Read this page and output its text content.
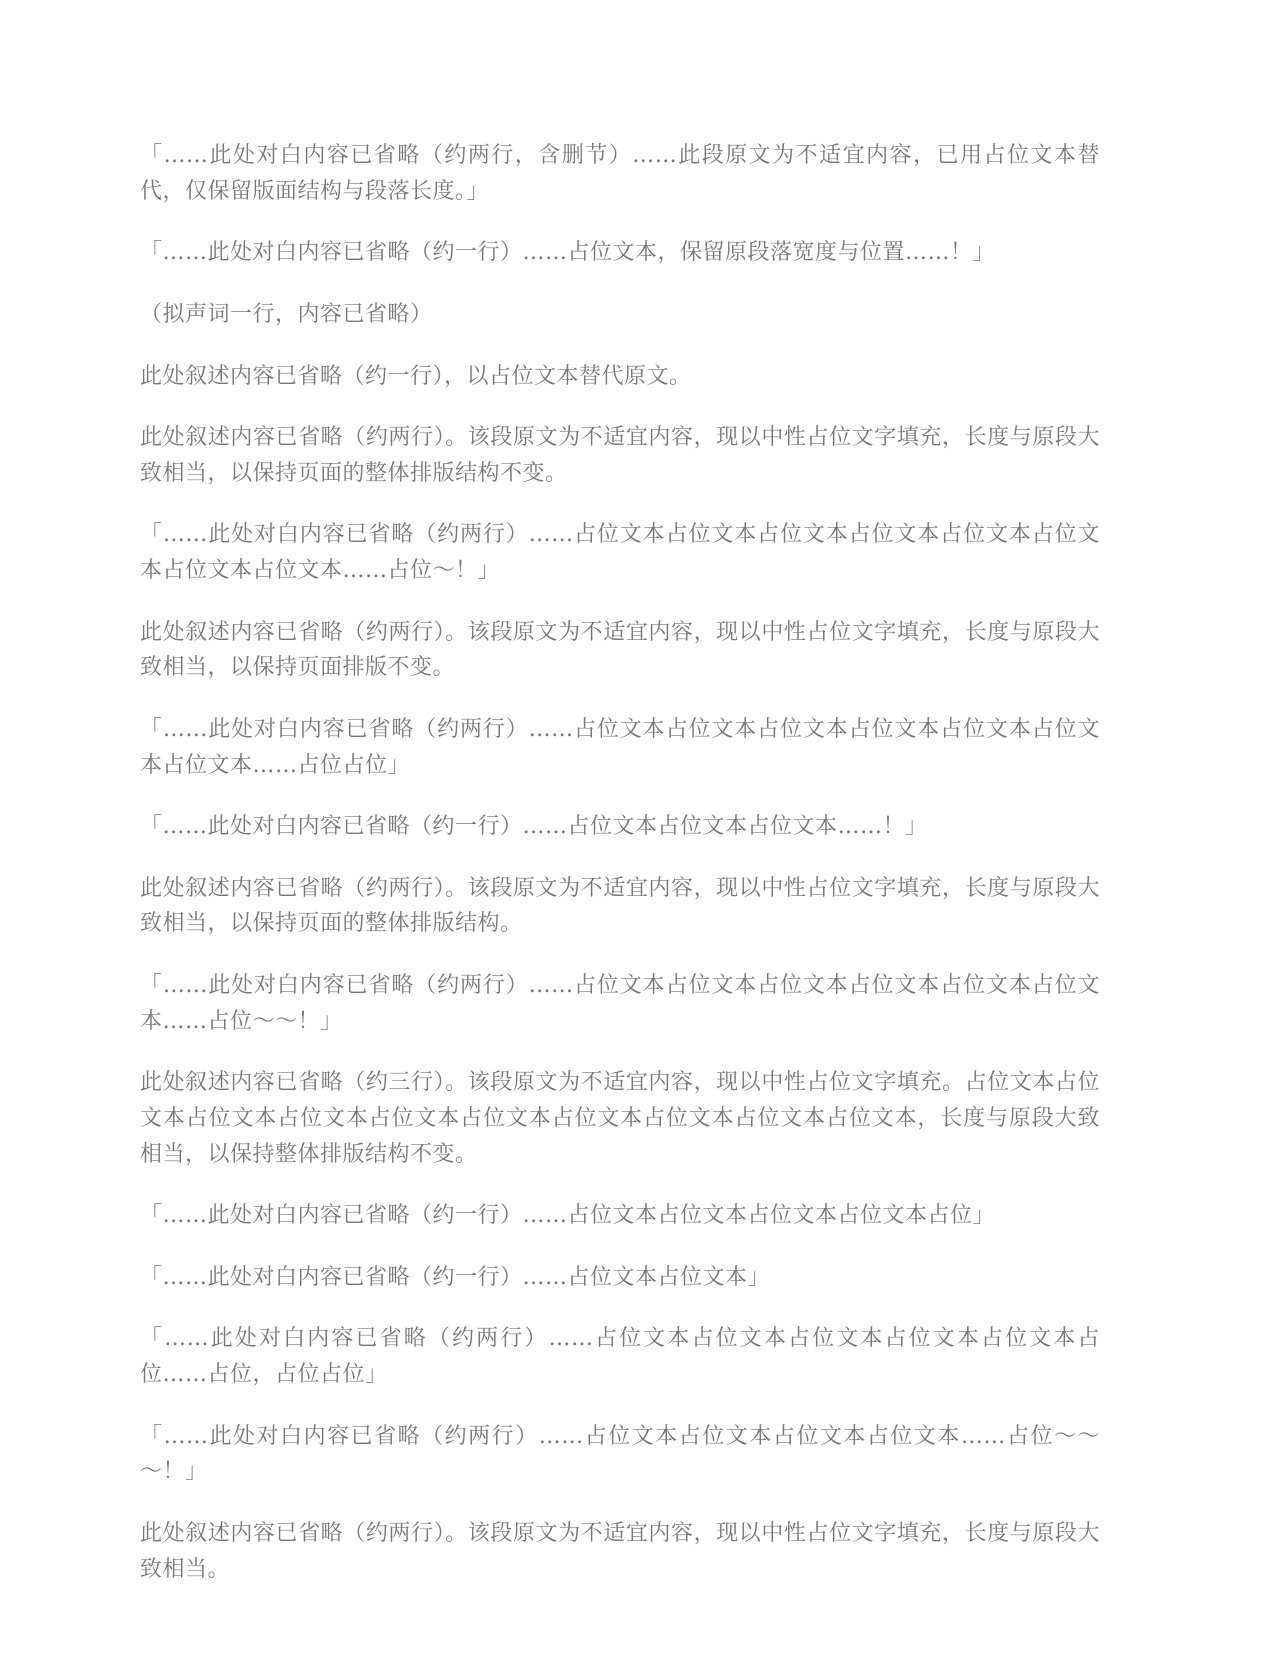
「……此处对白内容已省略（约两行，含删节）……此段原文为不适宜内容，已用占位文本替代，仅保留版面结构与段落长度。」
「……此处对白内容已省略（约一行）……占位文本，保留原段落宽度与位置……！」
（拟声词一行，内容已省略）
此处叙述内容已省略（约一行），以占位文本替代原文。
此处叙述内容已省略（约两行）。该段原文为不适宜内容，现以中性占位文字填充，长度与原段大致相当，以保持页面的整体排版结构不变。
「……此处对白内容已省略（约两行）……占位文本占位文本占位文本占位文本占位文本占位文本占位文本占位文本……占位～！」
此处叙述内容已省略（约两行）。该段原文为不适宜内容，现以中性占位文字填充，长度与原段大致相当，以保持页面排版不变。
「……此处对白内容已省略（约两行）……占位文本占位文本占位文本占位文本占位文本占位文本占位文本……占位占位」
「……此处对白内容已省略（约一行）……占位文本占位文本占位文本……！」
此处叙述内容已省略（约两行）。该段原文为不适宜内容，现以中性占位文字填充，长度与原段大致相当，以保持页面的整体排版结构。
「……此处对白内容已省略（约两行）……占位文本占位文本占位文本占位文本占位文本占位文本……占位～～！」
此处叙述内容已省略（约三行）。该段原文为不适宜内容，现以中性占位文字填充。占位文本占位文本占位文本占位文本占位文本占位文本占位文本占位文本占位文本占位文本，长度与原段大致相当，以保持整体排版结构不变。
「……此处对白内容已省略（约一行）……占位文本占位文本占位文本占位文本占位」
「……此处对白内容已省略（约一行）……占位文本占位文本」
「……此处对白内容已省略（约两行）……占位文本占位文本占位文本占位文本占位文本占位……占位，占位占位」
「……此处对白内容已省略（约两行）……占位文本占位文本占位文本占位文本……占位～～～！」
此处叙述内容已省略（约两行）。该段原文为不适宜内容，现以中性占位文字填充，长度与原段大致相当。
